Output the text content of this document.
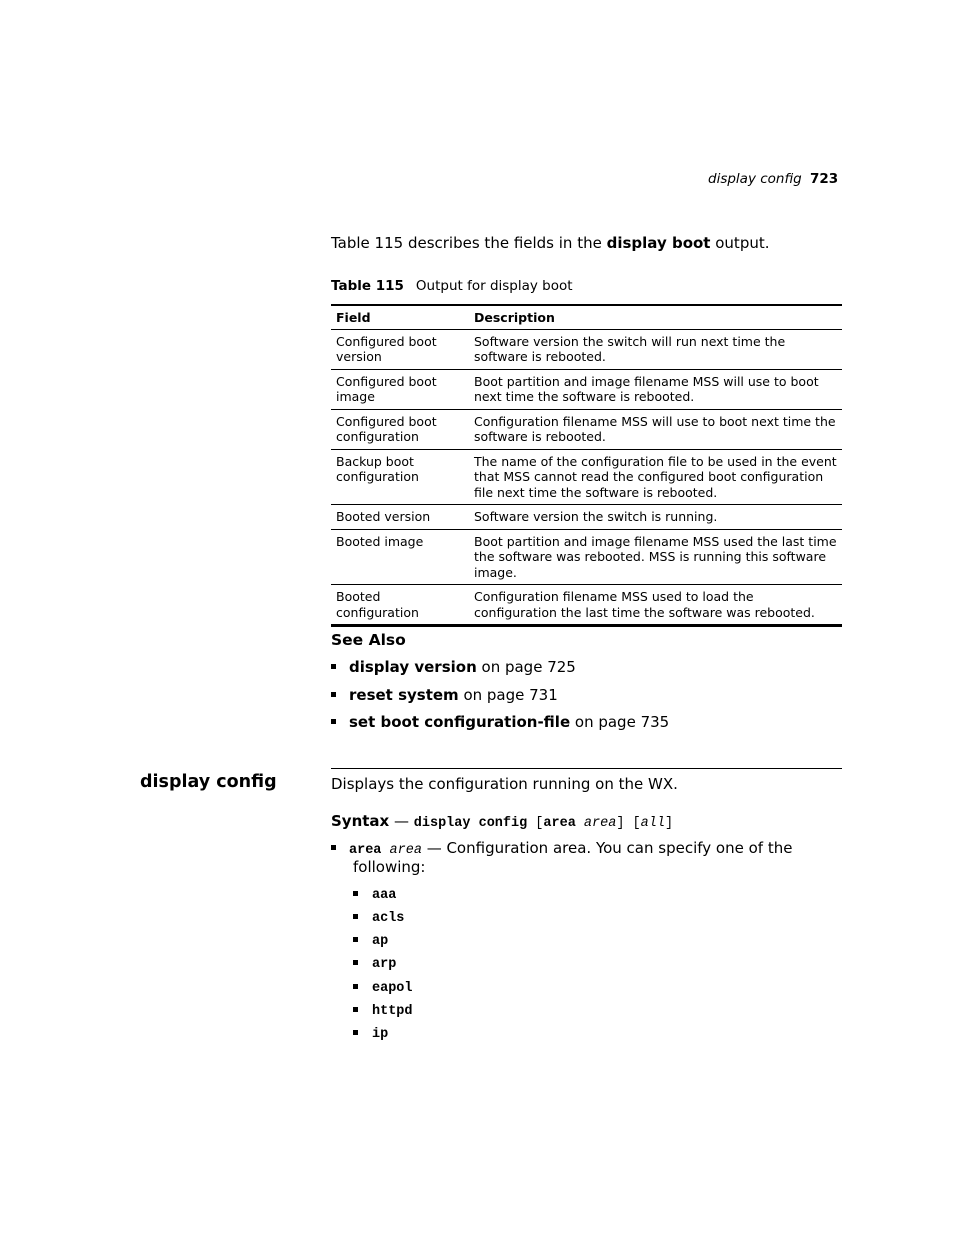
display config 723
Table 115 describes the fields in the display boot output.
Table 115 Output for display boot
Field	Description
Configured boot version	Software version the switch will run next time the software is rebooted.
Configured boot image	Boot partition and image filename MSS will use to boot next time the software is rebooted.
Configured boot configuration	Configuration filename MSS will use to boot next time the software is rebooted.
Backup boot configuration	The name of the configuration file to be used in the event that MSS cannot read the configured boot configuration file next time the software is rebooted.
Booted version	Software version the switch is running.
Booted image	Boot partition and image filename MSS used the last time the software was rebooted. MSS is running this software image.
Booted configuration	Configuration filename MSS used to load the configuration the last time the software was rebooted.
See Also
display version on page 725
reset system on page 731
set boot configuration-file on page 735
display config	Displays the configuration running on the WX.
Syntax — display config [area area] [all]
area area — Configuration area. You can specify one of the
following:
aaa
acls
ap
arp
eapol
httpd
ip
